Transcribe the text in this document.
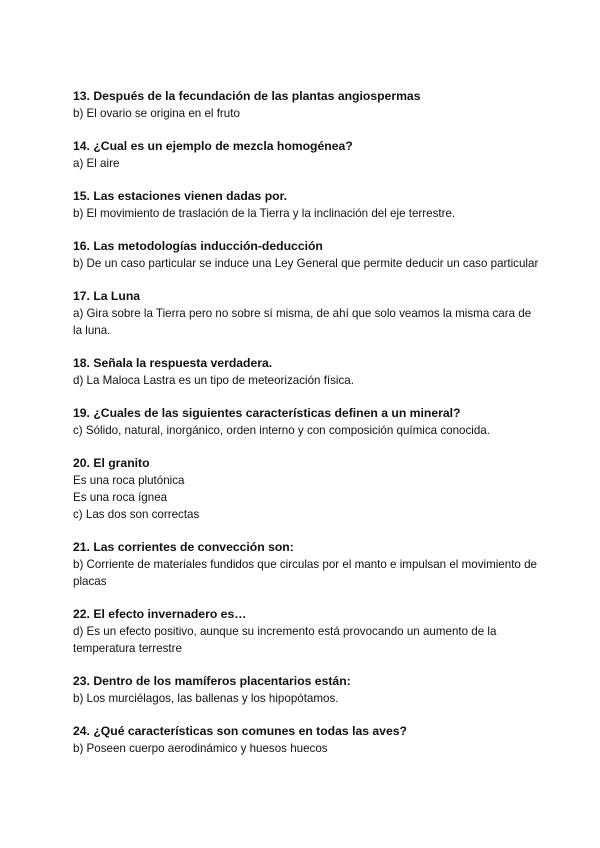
13. Después de la fecundación de las plantas angiospermas

b) El ovario se origina en el fruto

14. ¿Cual es un ejemplo de mezcla homogénea?

a) El aire

15. Las estaciones vienen dadas por.

b) El movimiento de traslación de la Tierra y la inclinación del eje terrestre.

16. Las metodologías inducción-deducción

b) De un caso particular se induce una Ley General que permite deducir un caso particular

17. La Luna

a) Gira sobre la Tierra pero no sobre sí misma, de ahí que solo veamos la misma cara de la luna.

18. Señala la respuesta verdadera.

d) La Maloca Lastra es un tipo de meteorización física.

19. ¿Cuales de las siguientes características definen a un mineral?

c) Sólido, natural, inorgánico, orden interno y con composición química conocida.

20. El granito

Es una roca plutónica

Es una roca ígnea

c) Las dos son correctas

21. Las corrientes de convección son:

b) Corriente de materiales fundidos que circulas por el manto e impulsan el movimiento de placas

22. El efecto invernadero es…

d) Es un efecto positivo, aunque su incremento está provocando un aumento de la temperatura terrestre

23. Dentro de los mamíferos placentarios están:

b) Los murciélagos, las ballenas y los hipopótamos.

24. ¿Qué características son comunes en todas las aves?

b) Poseen cuerpo aerodinámico y huesos huecos
